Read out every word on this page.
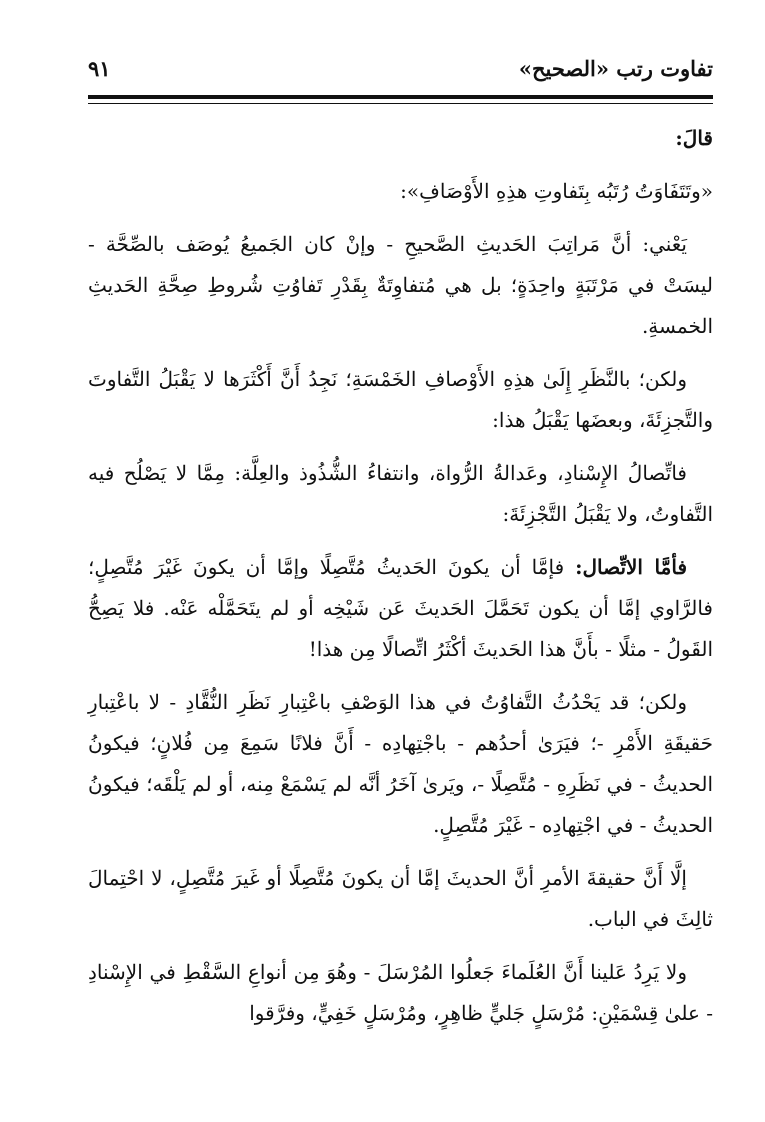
تفاوت رتب «الصحيح»
٩١

قالَ:

«وتَتَفَاوَتُ رُتَبُه بِتَفاوتِ هذِهِ الأَوْصَافِ»:

يَعْني: أنَّ مَراتِبَ الحَديثِ الصَّحيحِ - وإنْ كان الجَميعُ يُوصَف بالصِّحَّة - ليسَتْ في مَرْتَبَةٍ واحِدَةٍ؛ بل هي مُتفاوِتَةٌ بِقَدْرِ تَفاوُتِ شُروطِ صِحَّةِ الحَديثِ الخمسةِ.

ولكن؛ بالنَّظَرِ إِلَىٰ هذِهِ الأَوْصافِ الخَمْسَةِ؛ نَجِدُ أَنَّ أَكْثَرَها لا يَقْبَلُ التَّفاوتَ والتَّجزِئَةَ، وبعضَها يَقْبَلُ هذا:

فاتِّصالُ الإِسْنادِ، وعَدالةُ الرُّواة، وانتفاءُ الشُّذُوذ والعِلَّة: مِمَّا لا يَصْلُح فيه التَّفاوتُ، ولا يَقْبَلُ التَّجْزِئَةَ:

فأمَّا الاتِّصال: فإمَّا أن يكونَ الحَديثُ مُتَّصِلًا وإمَّا أن يكونَ غَيْرَ مُتَّصِلٍ؛ فالرَّاوي إمَّا أن يكون تَحَمَّلَ الحَديثَ عَن شَيْخِه أو لم يتَحَمَّلْه عَنْه. فلا يَصِحُّ القَولُ - مثلًا - بأَنَّ هذا الحَديثَ أكْثَرُ اتِّصالًا مِن هذا!

ولكن؛ قد يَحْدُثُ التَّفاوُتُ في هذا الوَصْفِ باعْتِبارِ نَظَرِ النُّقَّادِ - لا باعْتِبارِ حَقيقَةِ الأَمْرِ -؛ فيَرَىٰ أحدُهم - باجْتِهادِه - أَنَّ فلانًا سَمِعَ مِن فُلانٍ؛ فيكونُ الحديثُ - في نَظَرِهِ - مُتَّصِلًا -، ويَرىٰ آخَرُ أنَّه لم يَسْمَعْ مِنه، أو لم يَلْقَه؛ فيكونُ الحديثُ - في اجْتِهادِه - غَيْرَ مُتَّصِلٍ.

إلَّا أَنَّ حقيقةَ الأمرِ أنَّ الحديثَ إمَّا أن يكونَ مُتَّصِلًا أو غَيرَ مُتَّصِلٍ، لا احْتِمالَ ثالِثَ في الباب.

ولا يَرِدُ عَلينا أَنَّ العُلَماءَ جَعلُوا المُرْسَلَ - وهُوَ مِن أنواعِ السَّقْطِ في الإِسْنادِ - علىٰ قِسْمَيْنِ: مُرْسَلٍ جَليٍّ ظاهِرٍ، ومُرْسَلٍ خَفِيٍّ، وفرَّقوا
